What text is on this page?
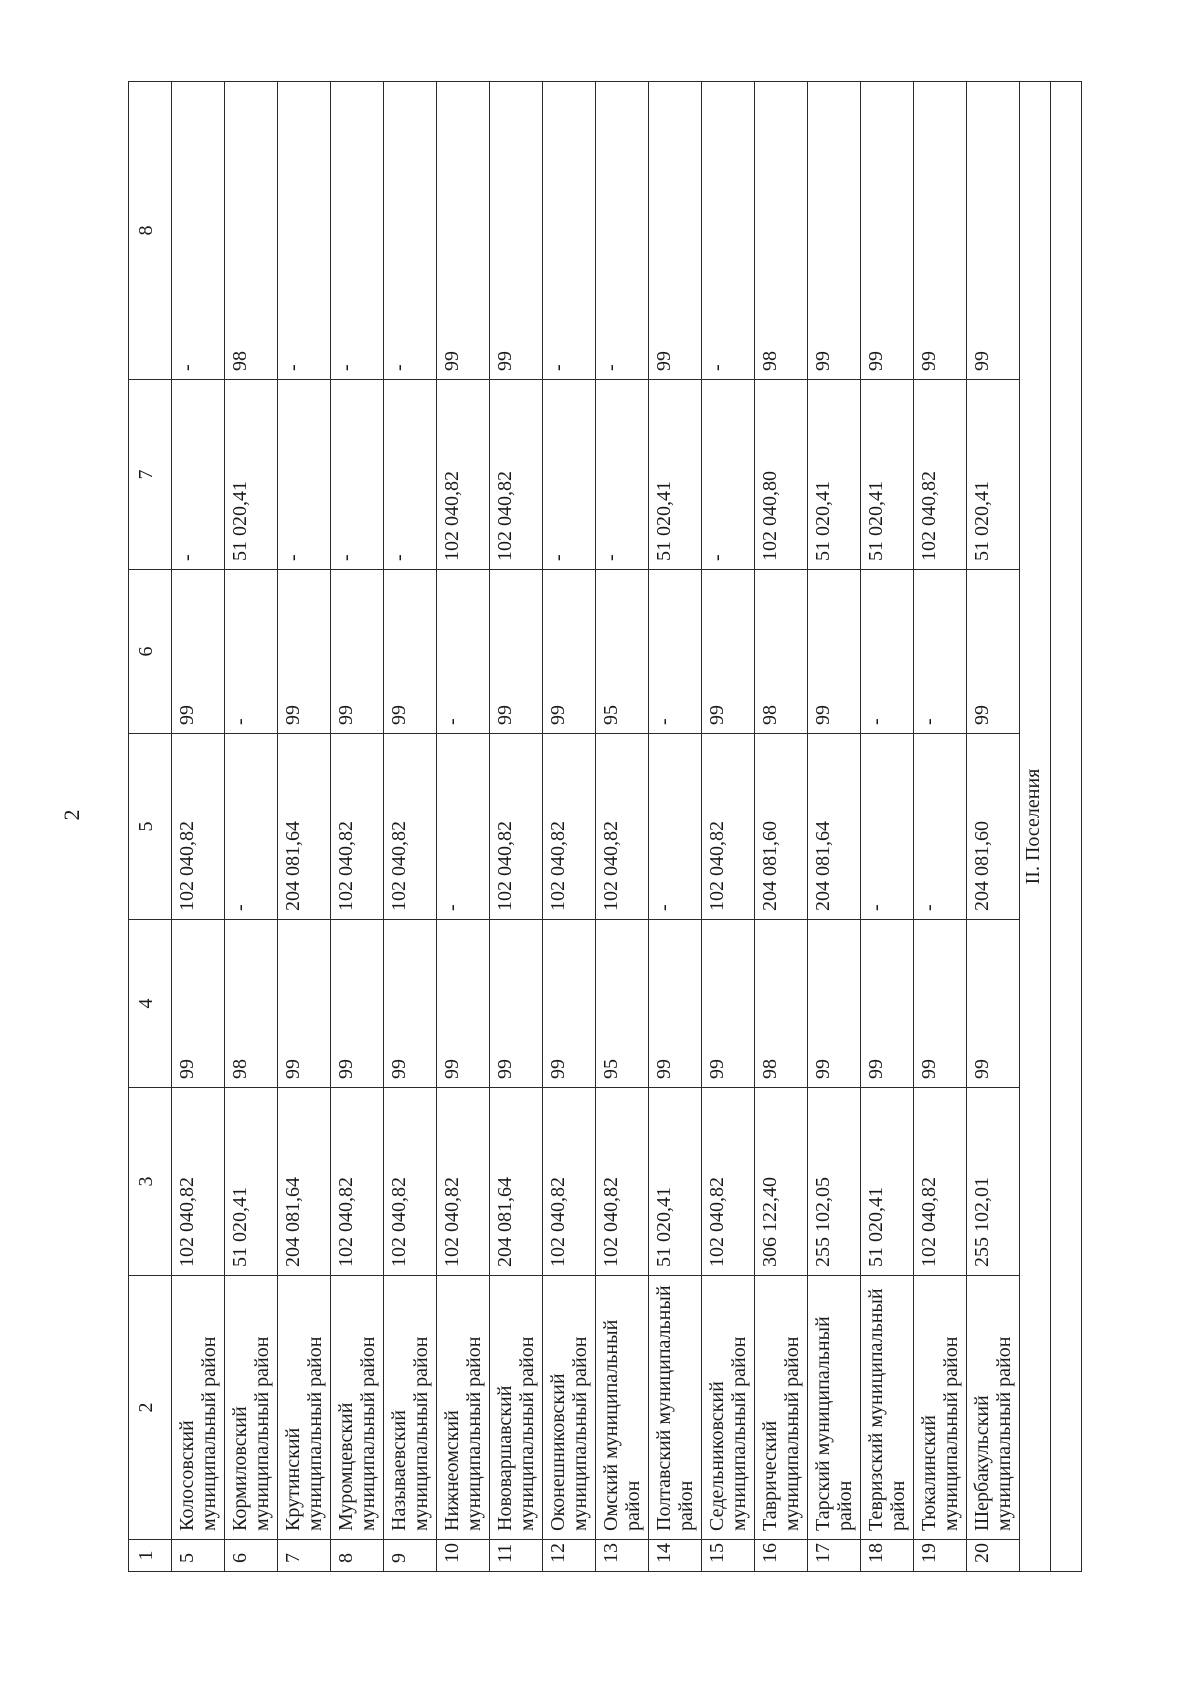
2
1	2	3	4	5	6	7	8
5	Колосовский муниципальный район	102 040,82	99	102 040,82	99	-	-
6	Кормиловский муниципальный район	51 020,41	98	-	-	51 020,41	98
7	Крутинский муниципальный район	204 081,64	99	204 081,64	99	-	-
8	Муромцевский муниципальный район	102 040,82	99	102 040,82	99	-	-
9	Называевский муниципальный район	102 040,82	99	102 040,82	99	-	-
10	Нижнеомский муниципальный район	102 040,82	99	-	-	102 040,82	99
11	Нововаршавский муниципальный район	204 081,64	99	102 040,82	99	102 040,82	99
12	Оконешниковский муниципальный район	102 040,82	99	102 040,82	99	-	-
13	Омский муниципальный район	102 040,82	95	102 040,82	95	-	-
14	Полтавский муниципальный район	51 020,41	99	-	-	51 020,41	99
15	Седельниковский муниципальный район	102 040,82	99	102 040,82	99	-	-
16	Таврический муниципальный район	306 122,40	98	204 081,60	98	102 040,80	98
17	Тарский муниципальный район	255 102,05	99	204 081,64	99	51 020,41	99
18	Тевризский муниципальный район	51 020,41	99	-	-	51 020,41	99
19	Тюкалинский муниципальный район	102 040,82	99	-	-	102 040,82	99
20	Шербакульский муниципальный район	255 102,01	99	204 081,60	99	51 020,41	99
II. Поселения							
